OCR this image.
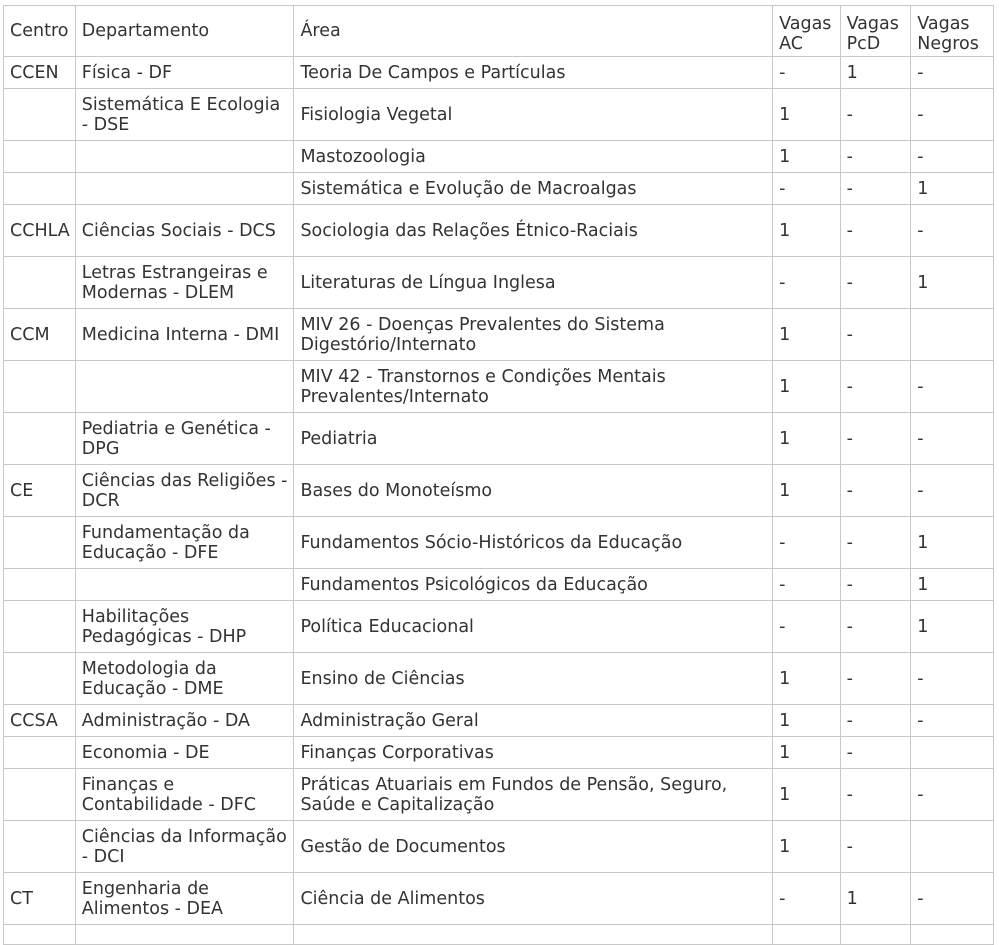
Centro	Departamento	Área	Vagas AC	Vagas PcD	Vagas Negros
CCEN	Física - DF	Teoria De Campos e Partículas	-	1	-
	Sistemática E Ecologia - DSE	Fisiologia Vegetal	1	-	-
		Mastozoologia	1	-	-
		Sistemática e Evolução de Macroalgas	-	-	1
CCHLA	Ciências Sociais - DCS	Sociologia das Relações Étnico-Raciais	1	-	-
	Letras Estrangeiras e Modernas - DLEM	Literaturas de Língua Inglesa	-	-	1
CCM	Medicina Interna - DMI	MIV 26 - Doenças Prevalentes do Sistema Digestório/Internato	1	-	
		MIV 42 - Transtornos e Condições Mentais Prevalentes/Internato	1	-	-
	Pediatria e Genética - DPG	Pediatria	1	-	-
CE	Ciências das Religiões - DCR	Bases do Monoteísmo	1	-	-
	Fundamentação da Educação - DFE	Fundamentos Sócio-Históricos da Educação	-	-	1
		Fundamentos Psicológicos da Educação	-	-	1
	Habilitações Pedagógicas - DHP	Política Educacional	-	-	1
	Metodologia da Educação - DME	Ensino de Ciências	1	-	-
CCSA	Administração - DA	Administração Geral	1	-	-
	Economia - DE	Finanças Corporativas	1	-	
	Finanças e Contabilidade - DFC	Práticas Atuariais em Fundos de Pensão, Seguro, Saúde e Capitalização	1	-	-
	Ciências da Informação - DCI	Gestão de Documentos	1	-	
CT	Engenharia de Alimentos - DEA	Ciência de Alimentos	-	1	-
